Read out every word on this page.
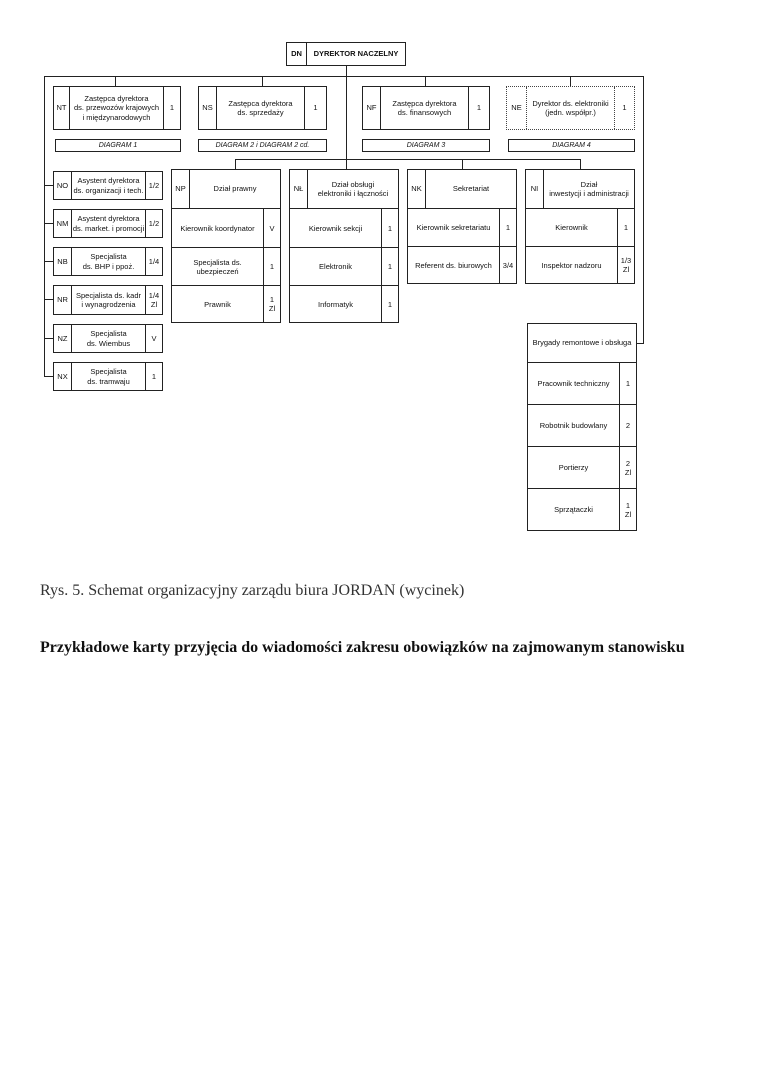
DN	DYREKTOR NACZELNY
NT
Zastępca dyrektora
ds. przewozów krajowych
i międzynarodowych
1
DIAGRAM 1
NS
Zastępca dyrektora
ds. sprzedaży
1
DIAGRAM 2 i DIAGRAM 2 cd.
NF
Zastępca dyrektora
ds. finansowych
1
DIAGRAM 3
NE
Dyrektor ds. elektroniki
(jedn. współpr.)
1
DIAGRAM 4
NO
Asystent dyrektora
ds. organizacji i tech.
1/2
NM
Asystent dyrektora
ds. market. i promocji
1/2
NB
Specjalista
ds. BHP i ppoż.
1/4
NR
Specjalista ds. kadr
i wynagrodzenia
1/4
Zl
NZ
Specjalista
ds. Wiembus
V
NX
Specjalista
ds. tramwaju
1
NP	Dział prawny
Kierownik koordynator	V
Specjalista ds. ubezpieczeń	1
Prawnik	1
Zl
NŁ
Dział obsługi
elektroniki i łączności
Kierownik sekcji	1
Elektronik	1
Informatyk	1
NK	Sekretariat
Kierownik sekretariatu	1
Referent ds. biurowych	3/4
NI
Dział
inwestycji i administracji
Kierownik	1
Inspektor nadzoru	1/3
Zl
Brygady remontowe i obsługa
Pracownik techniczny	1
Robotnik budowlany	2
Portierzy	2
Zl
Sprzątaczki	1
Zl
Rys. 5. Schemat organizacyjny zarządu biura JORDAN (wycinek)
Przykładowe karty przyjęcia do wiadomości zakresu obowiązków na zajmowanym stanowisku
